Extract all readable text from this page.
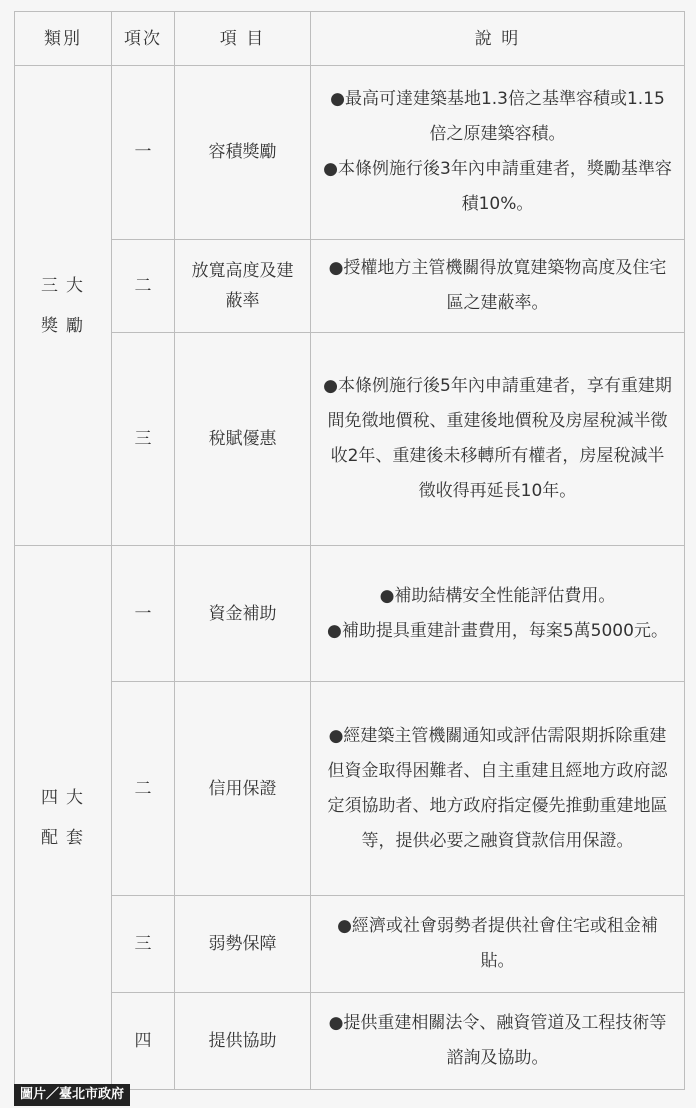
類別	項次	項 目	說 明
三大獎勵	一	容積獎勵	●最高可達建築基地1.3倍之基準容積或1.15倍之原建築容積。
●本條例施行後3年內申請重建者，獎勵基準容積10%。

	二	放寬高度及建蔽率	●授權地方主管機關得放寬建築物高度及住宅區之建蔽率。

	三	稅賦優惠	●本條例施行後5年內申請重建者，享有重建期間免徵地價稅、重建後地價稅及房屋稅減半徵收2年、重建後未移轉所有權者，房屋稅減半徵收得再延長10年。

四大配套	一	資金補助	●補助結構安全性能評估費用。
●補助提具重建計畫費用，每案5萬5000元。

	二	信用保證	●經建築主管機關通知或評估需限期拆除重建但資金取得困難者、自主重建且經地方政府認定須協助者、地方政府指定優先推動重建地區等，提供必要之融資貸款信用保證。

	三	弱勢保障	●經濟或社會弱勢者提供社會住宅或租金補貼。

	四	提供協助	●提供重建相關法令、融資管道及工程技術等諮詢及協助。
圖片／臺北市政府
